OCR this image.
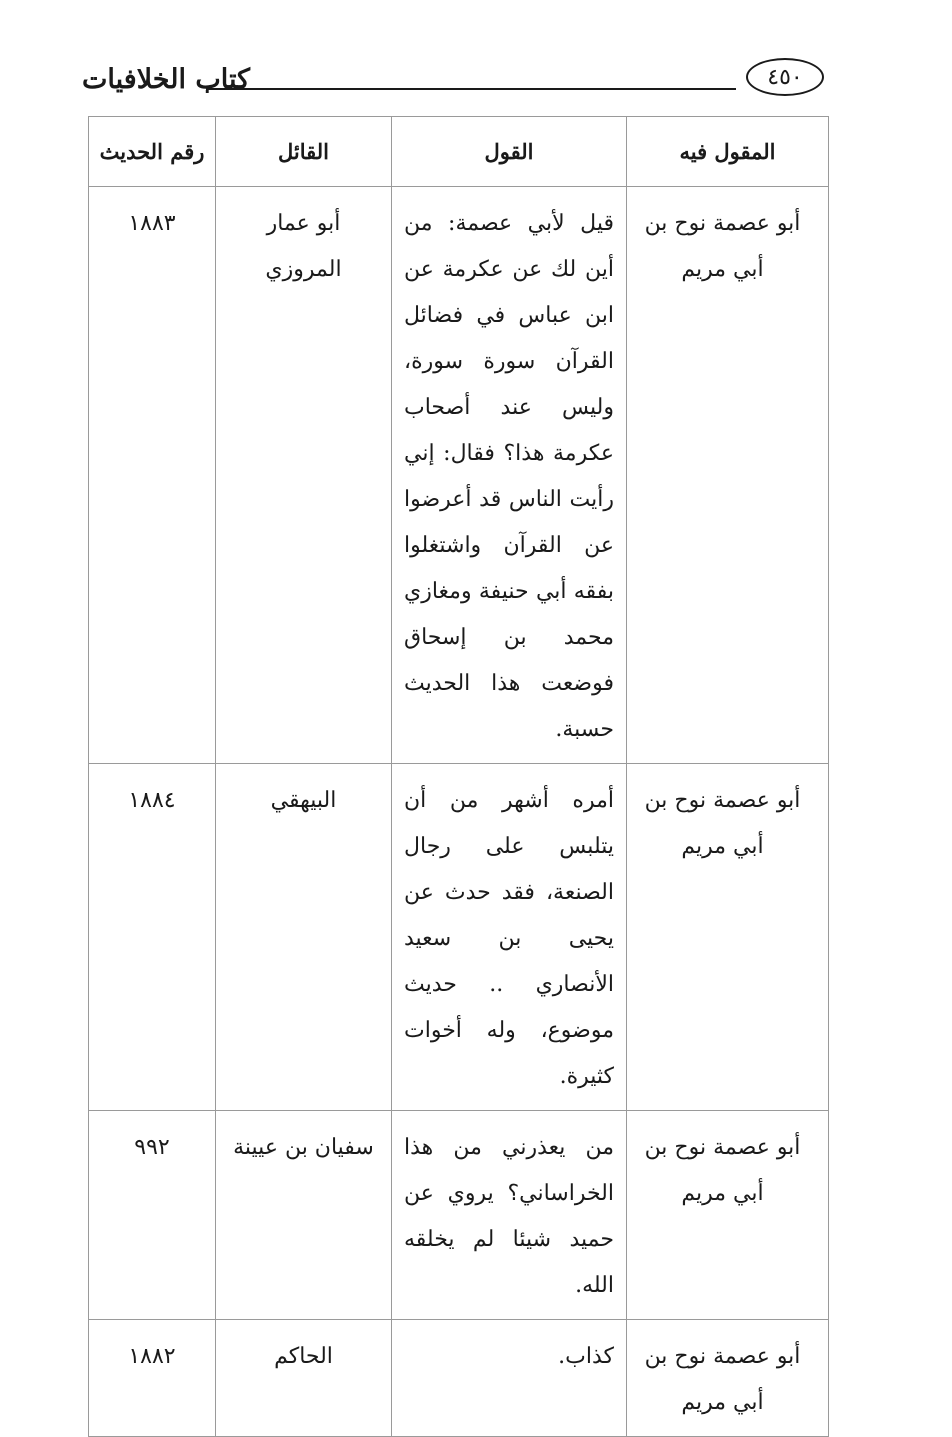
٤٥٠
كتاب الخلافيات
المقول فيه	القول	القائل	رقم الحديث
أبو عصمة نوح بن أبي مريم	قيل لأبي عصمة: من أين لك عن عكرمة عن ابن عباس في فضائل القرآن سورة سورة، وليس عند أصحاب عكرمة هذا؟ فقال: إني رأيت الناس قد أعرضوا عن القرآن واشتغلوا بفقه أبي حنيفة ومغازي محمد بن إسحاق فوضعت هذا الحديث حسبة.	أبو عمار المروزي	١٨٨٣
أبو عصمة نوح بن أبي مريم	أمره أشهر من أن يتلبس على رجال الصنعة، فقد حدث عن يحيى بن سعيد الأنصاري .. حديث موضوع، وله أخوات كثيرة.	البيهقي	١٨٨٤
أبو عصمة نوح بن أبي مريم	من يعذرني من هذا الخراساني؟ يروي عن حميد شيئا لم يخلقه الله.	سفيان بن عيينة	٩٩٢
أبو عصمة نوح بن أبي مريم	كذاب.	الحاكم	١٨٨٢
